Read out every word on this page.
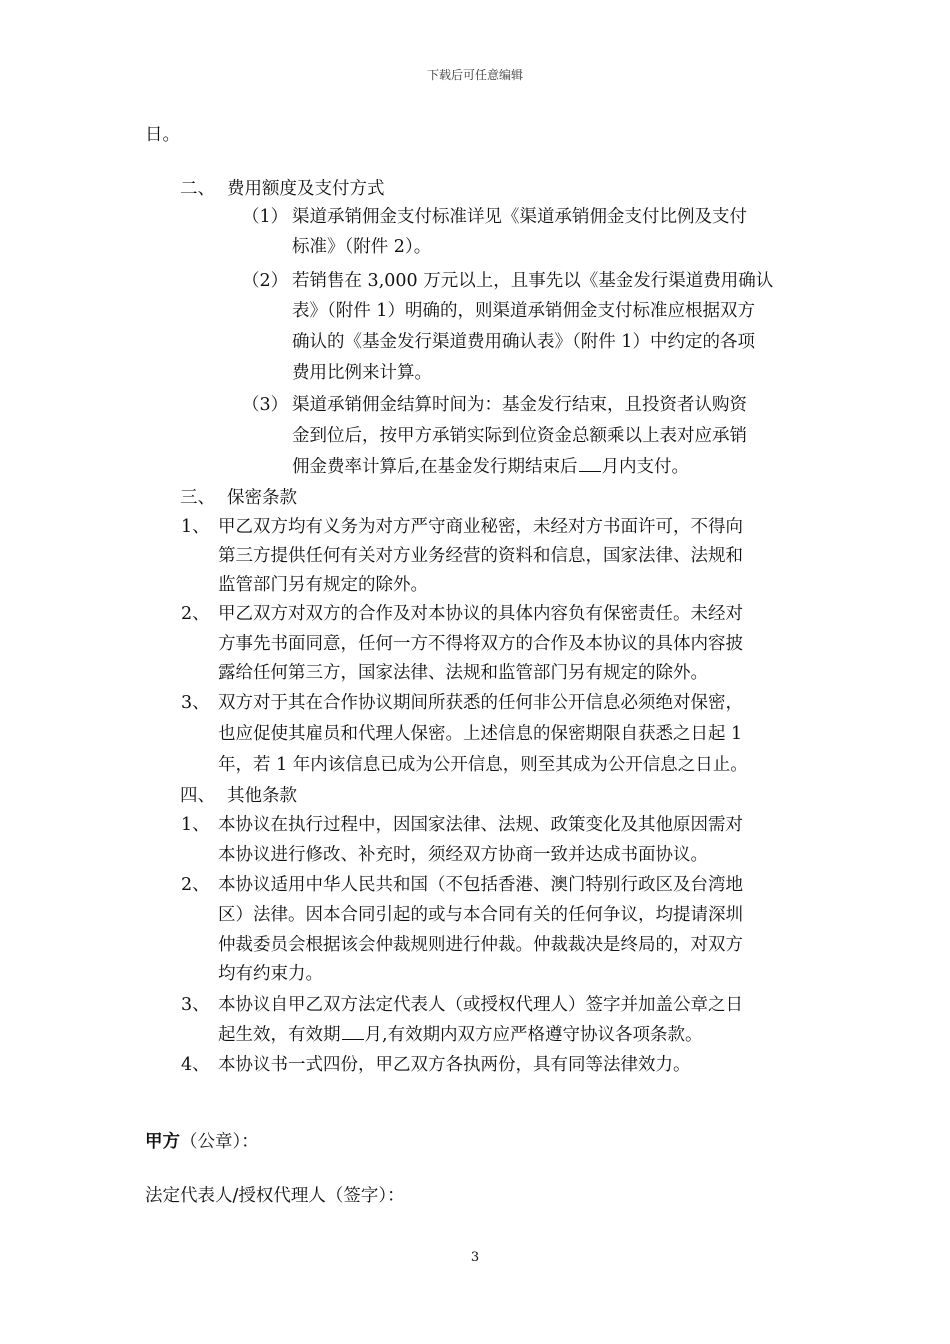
下载后可任意编辑
日。
二、 费用额度及支付方式
（1） 渠道承销佣金支付标准详见《渠道承销佣金支付比例及支付
标准》（附件 2）。
（2） 若销售在 3,000 万元以上，且事先以《基金发行渠道费用确认
表》（附件 1）明确的，则渠道承销佣金支付标准应根据双方
确认的《基金发行渠道费用确认表》（附件 1）中约定的各项
费用比例来计算。
（3） 渠道承销佣金结算时间为：基金发行结束，且投资者认购资
金到位后，按甲方承销实际到位资金总额乘以上表对应承销
佣金费率计算后,在基金发行期结束后 月内支付。
三、 保密条款
1、 甲乙双方均有义务为对方严守商业秘密，未经对方书面许可，不得向
第三方提供任何有关对方业务经营的资料和信息，国家法律、法规和
监管部门另有规定的除外。
2、 甲乙双方对双方的合作及对本协议的具体内容负有保密责任。未经对
方事先书面同意，任何一方不得将双方的合作及本协议的具体内容披
露给任何第三方，国家法律、法规和监管部门另有规定的除外。
3、 双方对于其在合作协议期间所获悉的任何非公开信息必须绝对保密，
也应促使其雇员和代理人保密。上述信息的保密期限自获悉之日起 1
年，若 1 年内该信息已成为公开信息，则至其成为公开信息之日止。
四、 其他条款
1、 本协议在执行过程中，因国家法律、法规、政策变化及其他原因需对
本协议进行修改、补充时，须经双方协商一致并达成书面协议。
2、 本协议适用中华人民共和国（不包括香港、澳门特别行政区及台湾地
区）法律。因本合同引起的或与本合同有关的任何争议，均提请深圳
仲裁委员会根据该会仲裁规则进行仲裁。仲裁裁决是终局的，对双方
均有约束力。
3、 本协议自甲乙双方法定代表人（或授权代理人）签字并加盖公章之日
起生效，有效期 月,有效期内双方应严格遵守协议各项条款。
4、 本协议书一式四份，甲乙双方各执两份，具有同等法律效力。
甲方（公章）：
法定代表人/授权代理人（签字）：
3
